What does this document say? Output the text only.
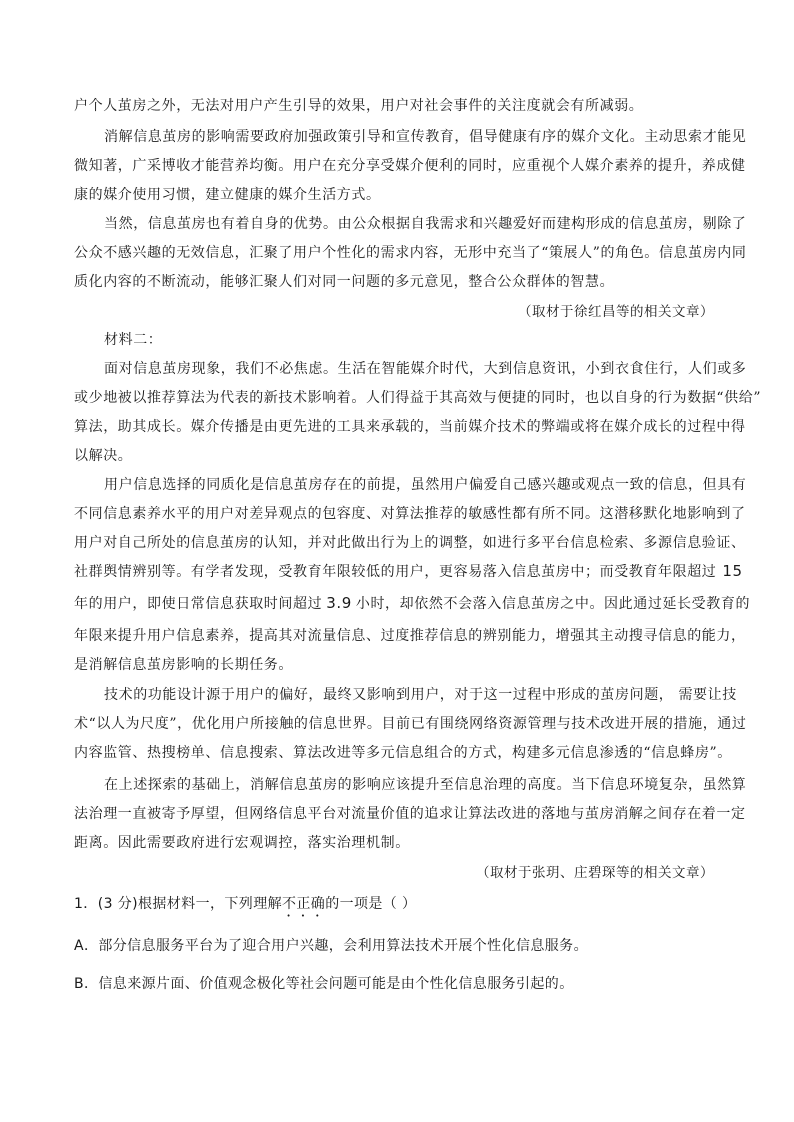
户个人茧房之外，无法对用户产生引导的效果，用户对社会事件的关注度就会有所减弱。
消解信息茧房的影响需要政府加强政策引导和宣传教育，倡导健康有序的媒介文化。主动思索才能见
微知著，广采博收才能营养均衡。用户在充分享受媒介便利的同时，应重视个人媒介素养的提升，养成健
康的媒介使用习惯，建立健康的媒介生活方式。
当然，信息茧房也有着自身的优势。由公众根据自我需求和兴趣爱好而建构形成的信息茧房，剔除了
公众不感兴趣的无效信息，汇聚了用户个性化的需求内容，无形中充当了“策展人”的角色。信息茧房内同
质化内容的不断流动，能够汇聚人们对同一问题的多元意见，整合公众群体的智慧。
（取材于徐红昌等的相关文章）
材料二：
面对信息茧房现象，我们不必焦虑。生活在智能媒介时代，大到信息资讯，小到衣食住行，人们或多
或少地被以推荐算法为代表的新技术影响着。人们得益于其高效与便捷的同时，也以自身的行为数据“供给”
算法，助其成长。媒介传播是由更先进的工具来承载的，当前媒介技术的弊端或将在媒介成长的过程中得
以解决。
用户信息选择的同质化是信息茧房存在的前提，虽然用户偏爱自己感兴趣或观点一致的信息，但具有
不同信息素养水平的用户对差异观点的包容度、对算法推荐的敏感性都有所不同。这潜移默化地影响到了
用户对自己所处的信息茧房的认知，并对此做出行为上的调整，如进行多平台信息检索、多源信息验证、
社群舆情辨别等。有学者发现，受教育年限较低的用户，更容易落入信息茧房中；而受教育年限超过 15
年的用户，即使日常信息获取时间超过 3.9 小时，却依然不会落入信息茧房之中。因此通过延长受教育的
年限来提升用户信息素养，提高其对流量信息、过度推荐信息的辨别能力，增强其主动搜寻信息的能力，
是消解信息茧房影响的长期任务。
技术的功能设计源于用户的偏好，最终又影响到用户，对于这一过程中形成的茧房问题， 需要让技
术“以人为尺度”，优化用户所接触的信息世界。目前已有围绕网络资源管理与技术改进开展的措施，通过
内容监管、热搜榜单、信息搜索、算法改进等多元信息组合的方式，构建多元信息渗透的“信息蜂房”。
在上述探索的基础上，消解信息茧房的影响应该提升至信息治理的高度。当下信息环境复杂，虽然算
法治理一直被寄予厚望，但网络信息平台对流量价值的追求让算法改进的落地与茧房消解之间存在着一定
距离。因此需要政府进行宏观调控，落实治理机制。
（取材于张玥、庄碧琛等的相关文章）
1．(3 分)根据材料一，下列理解不正确的一项是（ ）
A．部分信息服务平台为了迎合用户兴趣，会利用算法技术开展个性化信息服务。
B．信息来源片面、价值观念极化等社会问题可能是由个性化信息服务引起的。
